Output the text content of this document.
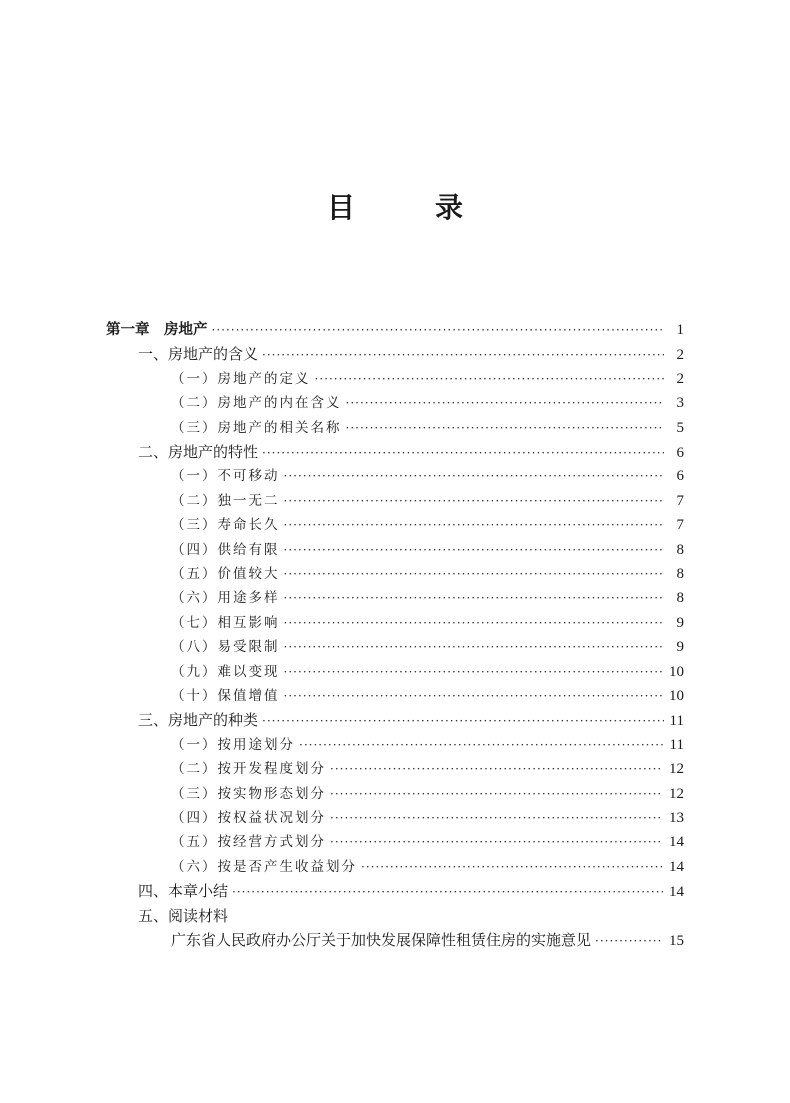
目　录
第一章　房地产 ·····	1
一、房地产的含义 ·····	2
（一）房地产的定义 ·····	2
（二）房地产的内在含义 ·····	3
（三）房地产的相关名称 ·····	5
二、房地产的特性 ·····	6
（一）不可移动 ·····	6
（二）独一无二 ·····	7
（三）寿命长久 ·····	7
（四）供给有限 ·····	8
（五）价值较大 ·····	8
（六）用途多样 ·····	8
（七）相互影响 ·····	9
（八）易受限制 ·····	9
（九）难以变现 ·····	10
（十）保值增值 ·····	10
三、房地产的种类 ·····	11
（一）按用途划分 ·····	11
（二）按开发程度划分 ·····	12
（三）按实物形态划分 ·····	12
（四）按权益状况划分 ·····	13
（五）按经营方式划分 ·····	14
（六）按是否产生收益划分 ·····	14
四、本章小结 ·····	14
五、阅读材料
广东省人民政府办公厅关于加快发展保障性租赁住房的实施意见 ·····	15
